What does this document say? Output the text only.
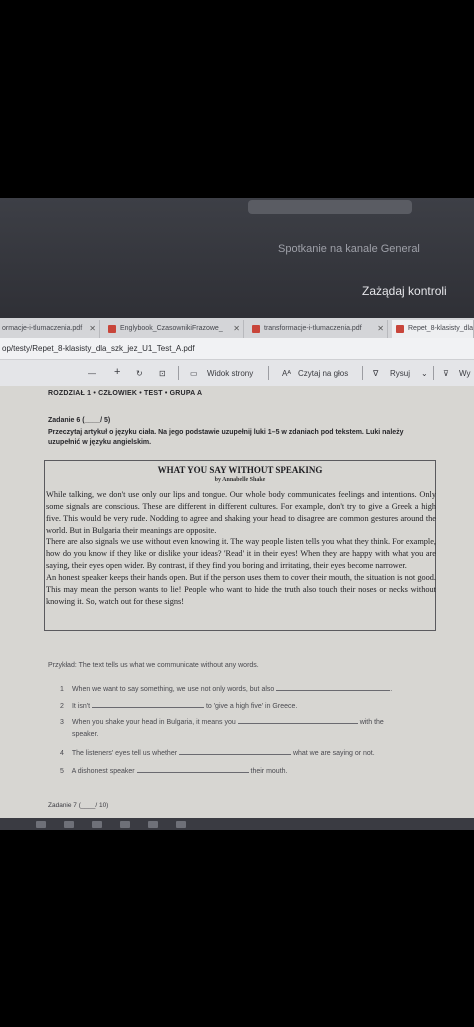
Spotkanie na kanale General
Zażądaj kontroli
ormacje-i-tlumaczenia.pdf ✕	Englybook_CzasownikiFrazowe_ ✕	transformacje-i-tlumaczenia.pdf ✕	Repet_8-klasisty_dla
op/testy/Repet_8-klasisty_dla_szk_jez_U1_Test_A.pdf
— + ↻ ⊡	▭ Widok strony	Aᴬ Czytaj na głos	∇ Rysuj ⌄ ⊽ Wy
ROZDZIAŁ 1 • CZŁOWIEK • TEST • GRUPA A
Zadanie 6 (____/ 5)
Przeczytaj artykuł o języku ciała. Na jego podstawie uzupełnij luki 1–5 w zdaniach pod tekstem. Luki należy uzupełnić w języku angielskim.
WHAT YOU SAY WITHOUT SPEAKING
by Annabelle Shake

While talking, we don't use only our lips and tongue. Our whole body communicates feelings and intentions. Only some signals are conscious. These are different in different cultures. For example, don't try to give a Greek a high five. This would be very rude. Nodding to agree and shaking your head to disagree are common gestures around the world. But in Bulgaria their meanings are opposite.

There are also signals we use without even knowing it. The way people listen tells you what they think. For example, how do you know if they like or dislike your ideas? 'Read' it in their eyes! When they are happy with what you are saying, their eyes open wider. By contrast, if they find you boring and irritating, their eyes become narrower.

An honest speaker keeps their hands open. But if the person uses them to cover their mouth, the situation is not good. This may mean the person wants to lie! People who want to hide the truth also touch their noses or necks without knowing it. So, watch out for these signs!

Przykład: The text tells us what we communicate without any words.
1 When we want to say something, we use not only words, but also	.
2 It isn't	to 'give a high five' in Greece.
3 When you shake your head in Bulgaria, it means you	with the
speaker.
4 The listeners' eyes tell us whether	what we are saying or not.
5 A dishonest speaker	their mouth.
Zadanie 7 (____/ 10)
